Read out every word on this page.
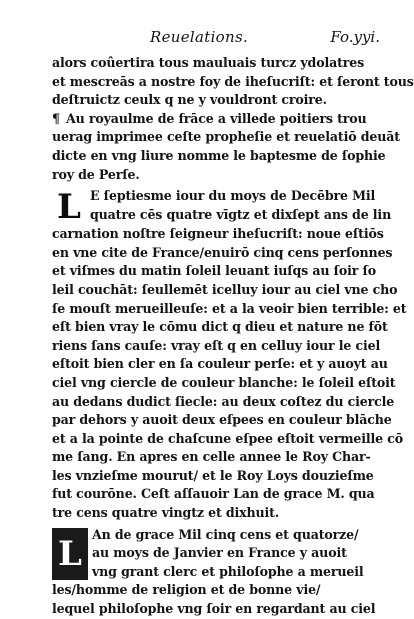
Reuelations.	Fo.yyi.
alors coûertira tous mauluais turcz ydolatres
et mescreās a nostre foy de iheſucriſt: et ſeront tous
deſtruictz ceulx q ne y vouldront croire.
¶ Au royaulme de frāce a villede poitiers trou
uerag imprimee ceſte propheſie et reuelatiō deuāt
dicte en vng liure nomme le baptesme de ſophie
roy de Perſe.
L E ſeptiesme iour du moys de Decēbre Mil
quatre cēs quatre vīgtz et dixſept ans de lin
carnation noſtre ſeigneur iheſucriſt: noue eſtiōs
en vne cite de France/enuirō cinq cens perſonnes
et viſmes du matin ſoleil leuant iuſqs au ſoir ſo
leil couchāt: ſeullemēt icelluy iour au ciel vne cho
ſe mouſt merueilleuſe: et a la veoir bien terrible: et
eſt bien vray le cōmu dict q dieu et nature ne fōt
riens ſans cauſe: vray eſt q en celluy iour le ciel
eſtoit bien cler en ſa couleur perſe: et y auoyt au
ciel vng ciercle de couleur blanche: le ſoleil eſtoit
au dedans dudict ſiecle: au deux coſtez du ciercle
par dehors y auoit deux eſpees en couleur blāche
et a la pointe de chaſcune eſpee eſtoit vermeille cō
me ſang. En apres en celle annee le Roy Char-
les vnzieſme mourut/ et le Roy Loys douzieſme
fut courōne. Ceſt aſſauoir Lan de grace M. qua
tre cens quatre vingtz et dixhuit.
L An de grace Mil cinq cens et quatorze/
au moys de Janvier en France y auoit
vng grant clerc et philoſophe a merueil
les/homme de religion et de bonne vie/
lequel philoſophe vng ſoir en regardant au ciel
